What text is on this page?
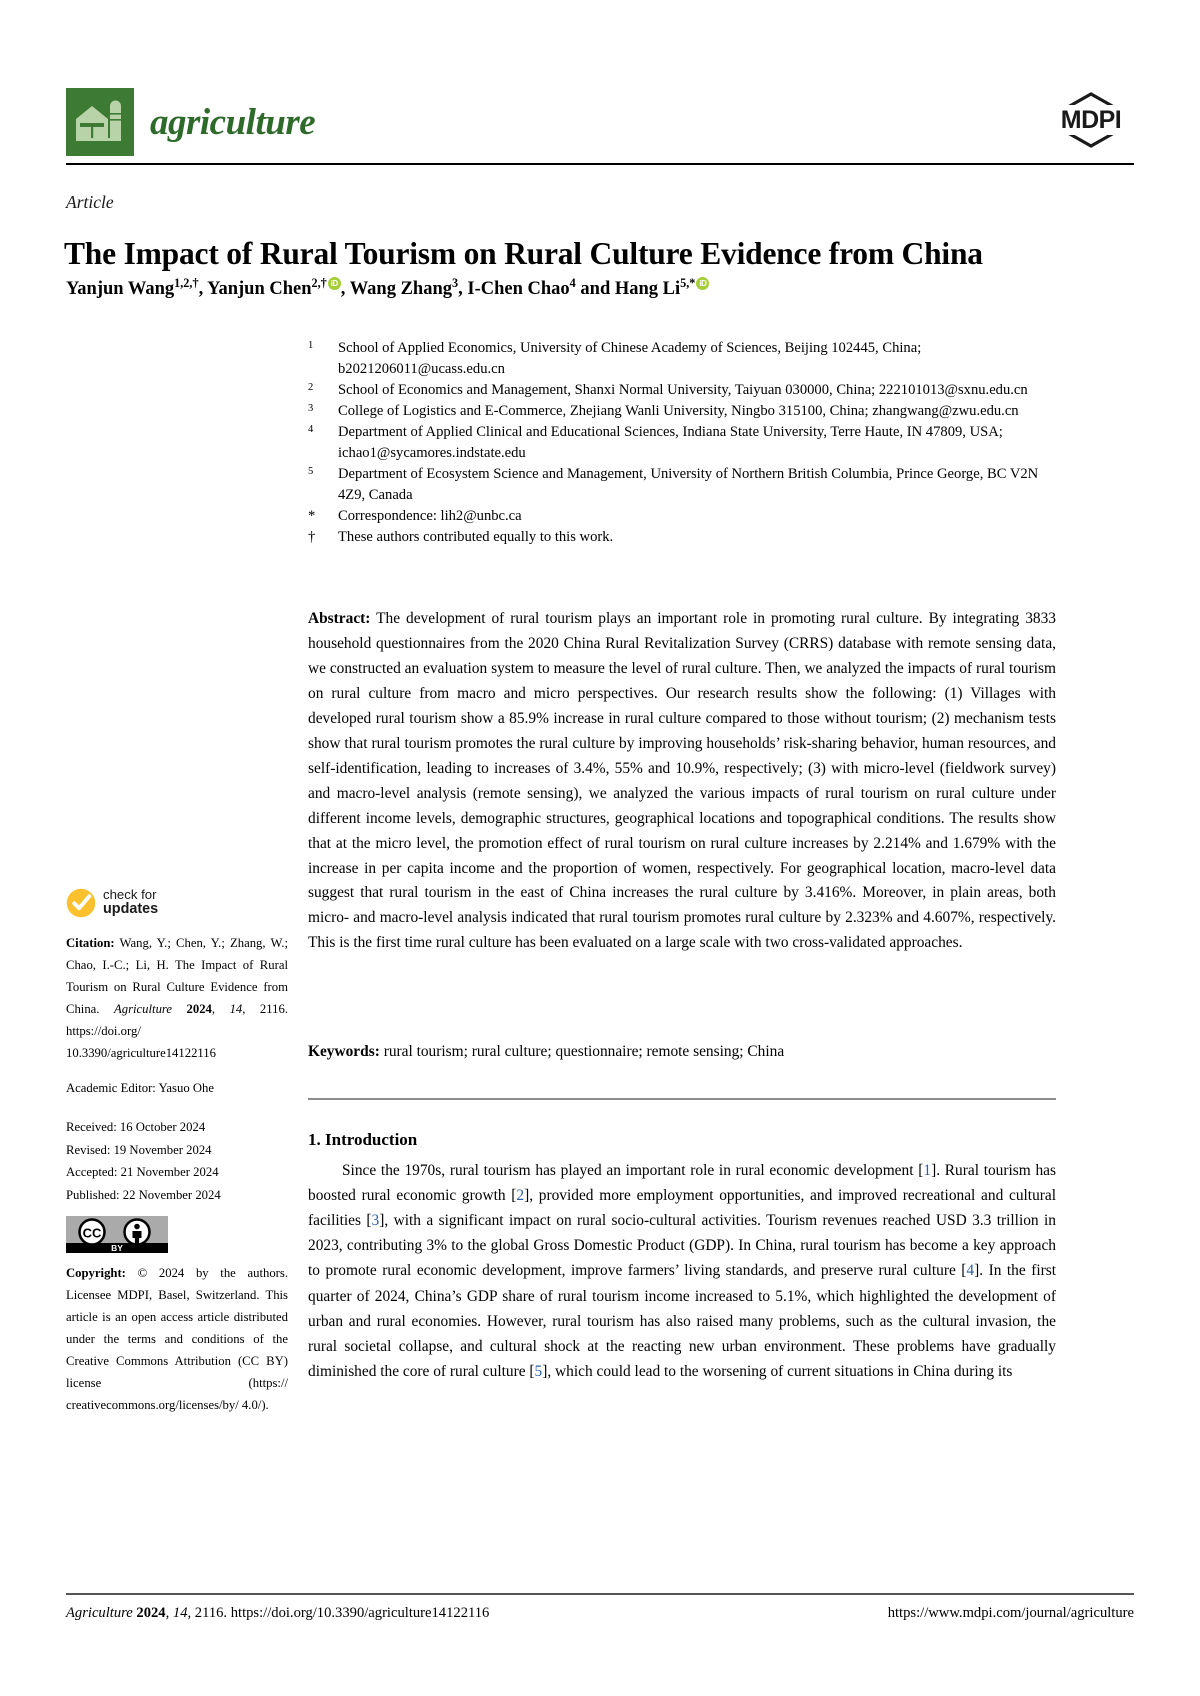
agriculture	MDPI
Article
The Impact of Rural Tourism on Rural Culture Evidence from China
Yanjun Wang$^{1,2,\dagger}$, Yanjun Chen$^{2,\dagger}$ iD , Wang Zhang$^3$, I-Chen Chao$^4$ and Hang $Li^{5,*}iD$
1	School of Applied Economics, University of Chinese Academy of Sciences, Beijing 102445, China; b2021206011@ucass.edu.cn
2	School of Economics and Management, Shanxi Normal University, Taiyuan 030000, China; 222101013@sxnu.edu.cn
3	College of Logistics and E-Commerce, Zhejiang Wanli University, Ningbo 315100, China; zhangwang@zwu.edu.cn
4	Department of Applied Clinical and Educational Sciences, Indiana State University, Terre Haute, IN 47809, USA; ichao1@sycamores.indstate.edu
5	Department of Ecosystem Science and Management, University of Northern British Columbia, Prince George, BC V2N 4Z9, Canada
*	Correspondence: lih2@unbc.ca
†	These authors contributed equally to this work.
Abstract: The development of rural tourism plays an important role in promoting rural culture. By integrating 3833 household questionnaires from the 2020 China Rural Revitalization Survey (CRRS) database with remote sensing data, we constructed an evaluation system to measure the level of rural culture. Then, we analyzed the impacts of rural tourism on rural culture from macro and micro perspectives. Our research results show the following: (1) Villages with developed rural tourism show a 85.9% increase in rural culture compared to those without tourism; (2) mechanism tests show that rural tourism promotes the rural culture by improving households’ risk-sharing behavior, human resources, and self-identification, leading to increases of 3.4%, 55% and 10.9%, respectively; (3) with micro-level (fieldwork survey) and macro-level analysis (remote sensing), we analyzed the various impacts of rural tourism on rural culture under different income levels, demographic structures, geographical locations and topographical conditions. The results show that at the micro level, the promotion effect of rural tourism on rural culture increases by 2.214% and 1.679% with the increase in per capita income and the proportion of women, respectively. For geographical location, macro-level data suggest that rural tourism in the east of China increases the rural culture by 3.416%. Moreover, in plain areas, both micro- and macro-level analysis indicated that rural tourism promotes rural culture by 2.323% and 4.607%, respectively. This is the first time rural culture has been evaluated on a large scale with two cross-validated approaches.
Keywords: rural tourism; rural culture; questionnaire; remote sensing; China
1. Introduction
Since the 1970s, rural tourism has played an important role in rural economic development [1]. Rural tourism has boosted rural economic growth [2], provided more employment opportunities, and improved recreational and cultural facilities [3], with a significant impact on rural socio-cultural activities. Tourism revenues reached USD 3.3 trillion in 2023, contributing 3% to the global Gross Domestic Product (GDP). In China, rural tourism has become a key approach to promote rural economic development, improve farmers’ living standards, and preserve rural culture [4]. In the first quarter of 2024, China’s GDP share of rural tourism income increased to 5.1%, which highlighted the development of urban and rural economies. However, rural tourism has also raised many problems, such as the cultural invasion, the rural societal collapse, and cultural shock at the reacting new urban environment. These problems have gradually diminished the core of rural culture [5], which could lead to the worsening of current situations in China during its
check for
updates
Citation: Wang, Y.; Chen, Y.; Zhang, W.; Chao, I.-C.; Li, H. The Impact of Rural Tourism on Rural Culture Evidence from China. Agriculture 2024, 14, 2116. https://doi.org/ 10.3390/agriculture14122116
Academic Editor: Yasuo Ohe
Received: 16 October 2024
Revised: 19 November 2024
Accepted: 21 November 2024
Published: 22 November 2024
CC
BY
Copyright: © 2024 by the authors. Licensee MDPI, Basel, Switzerland. This article is an open access article distributed under the terms and conditions of the Creative Commons Attribution (CC BY) license (https:// creativecommons.org/licenses/by/ 4.0/).
Agriculture 2024, 14, 2116. https://doi.org/10.3390/agriculture14122116	https://www.mdpi.com/journal/agriculture
